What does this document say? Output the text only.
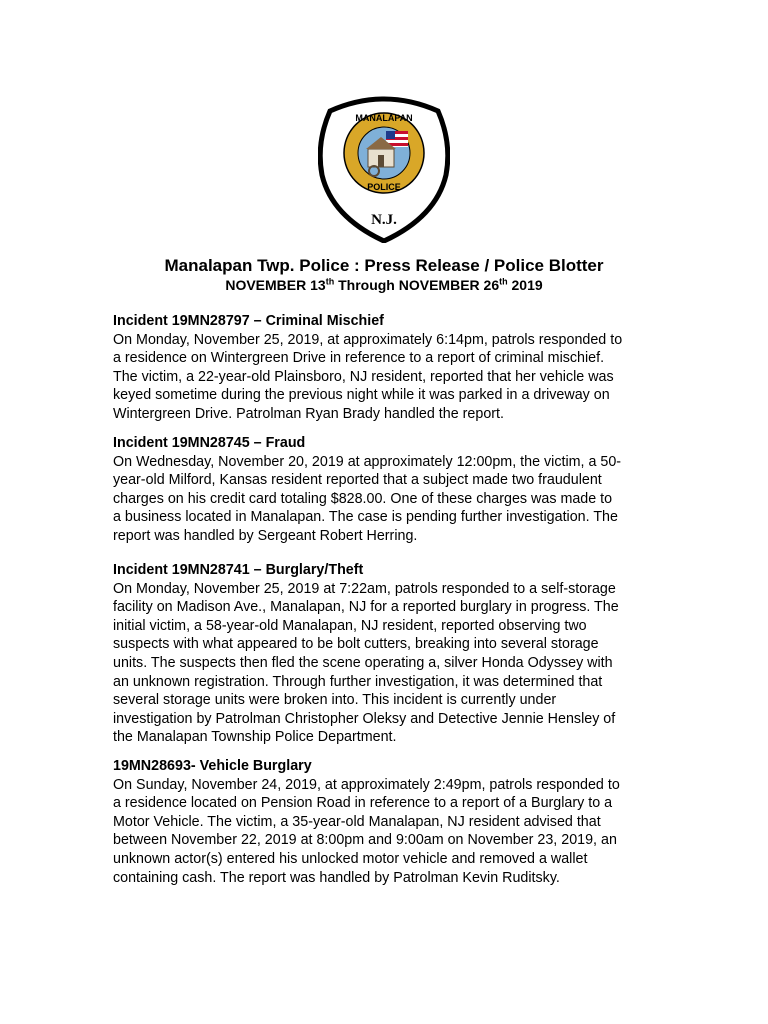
MANALAPAN
POLICE
N.J.
Manalapan Twp. Police : Press Release / Police Blotter
NOVEMBER 13th Through NOVEMBER 26th 2019
Incident 19MN28797 – Criminal Mischief

On Monday, November 25, 2019, at approximately 6:14pm, patrols responded to

a residence on Wintergreen Drive in reference to a report of criminal mischief.

The victim, a 22-year-old Plainsboro, NJ resident, reported that her vehicle was

keyed sometime during the previous night while it was parked in a driveway on

Wintergreen Drive. Patrolman Ryan Brady handled the report.

Incident 19MN28745 – Fraud

On Wednesday, November 20, 2019 at approximately 12:00pm, the victim, a 50-

year-old Milford, Kansas resident reported that a subject made two fraudulent

charges on his credit card totaling $828.00. One of these charges was made to

a business located in Manalapan. The case is pending further investigation. The

report was handled by Sergeant Robert Herring.

Incident 19MN28741 – Burglary/Theft

On Monday, November 25, 2019 at 7:22am, patrols responded to a self-storage

facility on Madison Ave., Manalapan, NJ for a reported burglary in progress. The

initial victim, a 58-year-old Manalapan, NJ resident, reported observing two

suspects with what appeared to be bolt cutters, breaking into several storage

units. The suspects then fled the scene operating a, silver Honda Odyssey with

an unknown registration. Through further investigation, it was determined that

several storage units were broken into. This incident is currently under

investigation by Patrolman Christopher Oleksy and Detective Jennie Hensley of

the Manalapan Township Police Department.

19MN28693- Vehicle Burglary

On Sunday, November 24, 2019, at approximately 2:49pm, patrols responded to

a residence located on Pension Road in reference to a report of a Burglary to a

Motor Vehicle. The victim, a 35-year-old Manalapan, NJ resident advised that

between November 22, 2019 at 8:00pm and 9:00am on November 23, 2019, an

unknown actor(s) entered his unlocked motor vehicle and removed a wallet

containing cash. The report was handled by Patrolman Kevin Ruditsky.
